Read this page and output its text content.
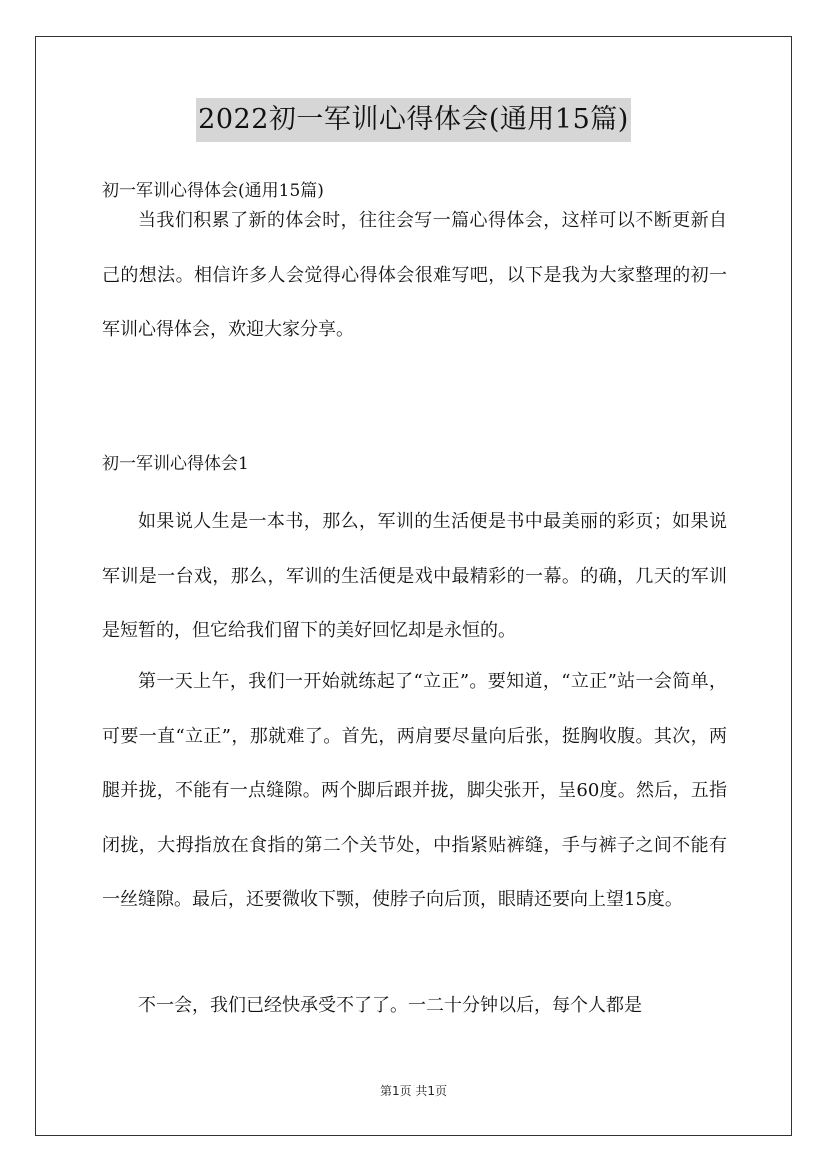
2022初一军训心得体会(通用15篇)
初一军训心得体会(通用15篇)

当我们积累了新的体会时，往往会写一篇心得体会，这样可以不断更新自己的想法。相信许多人会觉得心得体会很难写吧，以下是我为大家整理的初一军训心得体会，欢迎大家分享。

初一军训心得体会1

如果说人生是一本书，那么，军训的生活便是书中最美丽的彩页；如果说军训是一台戏，那么，军训的生活便是戏中最精彩的一幕。的确，几天的军训是短暂的，但它给我们留下的美好回忆却是永恒的。

第一天上午，我们一开始就练起了“立正”。要知道，“立正”站一会简单，可要一直“立正”，那就难了。首先，两肩要尽量向后张，挺胸收腹。其次，两腿并拢，不能有一点缝隙。两个脚后跟并拢，脚尖张开，呈60度。然后，五指闭拢，大拇指放在食指的第二个关节处，中指紧贴裤缝，手与裤子之间不能有一丝缝隙。最后，还要微收下颚，使脖子向后顶，眼睛还要向上望15度。

不一会，我们已经快承受不了了。一二十分钟以后，每个人都是

第1页 共1页
